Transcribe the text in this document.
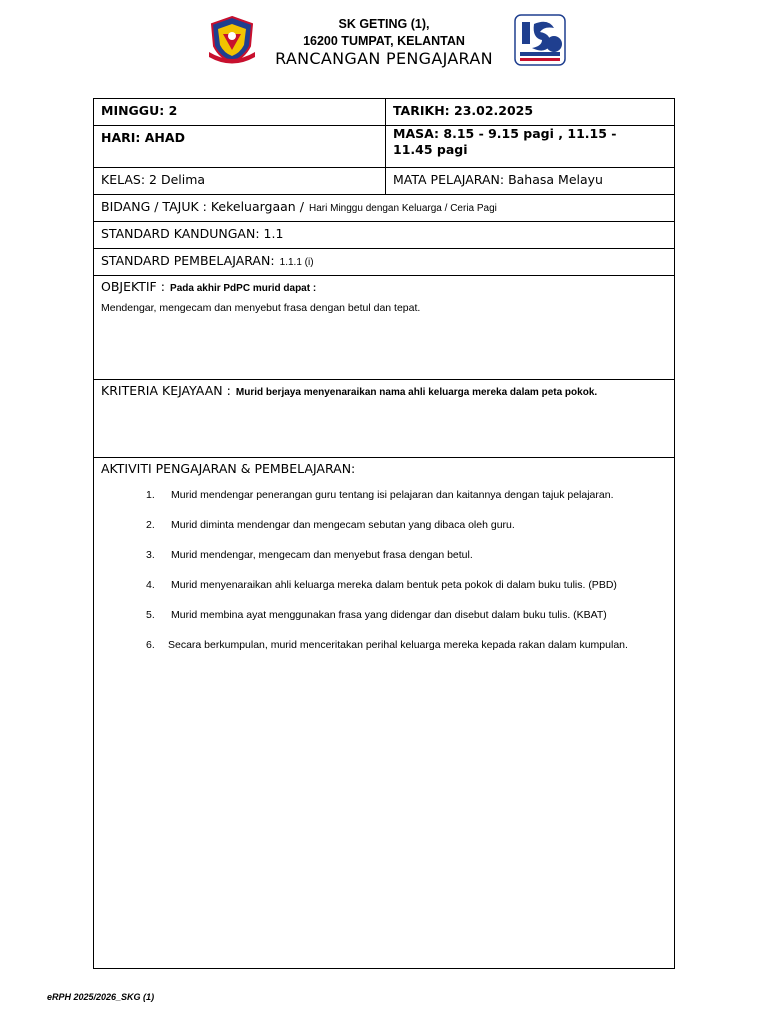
SK GETING (1),
16200 TUMPAT, KELANTAN
RANCANGAN PENGAJARAN
MINGGU: 2	TARIKH: 23.02.2025
HARI: AHAD	MASA: 8.15 - 9.15 pagi , 11.15 - 11.45 pagi
KELAS: 2 Delima	MATA PELAJARAN: Bahasa Melayu
BIDANG / TAJUK : Kekeluargaan / Hari Minggu dengan Keluarga / Ceria Pagi
STANDARD KANDUNGAN: 1.1
STANDARD PEMBELAJARAN: 1.1.1 (i)
OBJEKTIF : Pada akhir PdPC murid dapat :
Mendengar, mengecam dan menyebut frasa dengan betul dan tepat.
KRITERIA KEJAYAAN : Murid berjaya menyenaraikan nama ahli keluarga mereka dalam peta pokok.
AKTIVITI PENGAJARAN & PEMBELAJARAN:
1. Murid mendengar penerangan guru tentang isi pelajaran dan kaitannya dengan tajuk pelajaran.
2. Murid diminta mendengar dan mengecam sebutan yang dibaca oleh guru.
3. Murid mendengar, mengecam dan menyebut frasa dengan betul.
4. Murid menyenaraikan ahli keluarga mereka dalam bentuk peta pokok di dalam buku tulis. (PBD)
5. Murid membina ayat menggunakan frasa yang didengar dan disebut dalam buku tulis. (KBAT)
6. Secara berkumpulan, murid menceritakan perihal keluarga mereka kepada rakan dalam kumpulan.
eRPH 2025/2026_SKG (1)
